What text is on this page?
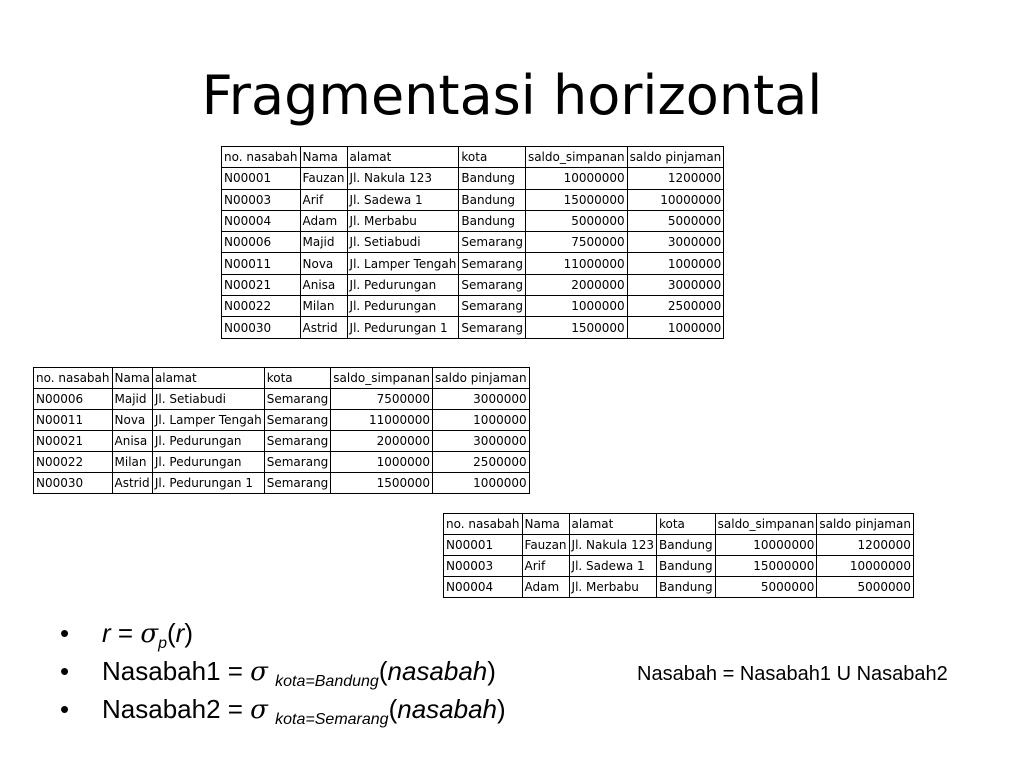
Fragmentasi horizontal
no. nasabah	Nama	alamat	kota	saldo_simpanan	saldo pinjaman
N00001	Fauzan	Jl. Nakula 123	Bandung	10000000	1200000
N00003	Arif	Jl. Sadewa 1	Bandung	15000000	10000000
N00004	Adam	Jl. Merbabu	Bandung	5000000	5000000
N00006	Majid	Jl. Setiabudi	Semarang	7500000	3000000
N00011	Nova	Jl. Lamper Tengah	Semarang	11000000	1000000
N00021	Anisa	Jl. Pedurungan	Semarang	2000000	3000000
N00022	Milan	Jl. Pedurungan	Semarang	1000000	2500000
N00030	Astrid	Jl. Pedurungan 1	Semarang	1500000	1000000
no. nasabah	Nama	alamat	kota	saldo_simpanan	saldo pinjaman
N00006	Majid	Jl. Setiabudi	Semarang	7500000	3000000
N00011	Nova	Jl. Lamper Tengah	Semarang	11000000	1000000
N00021	Anisa	Jl. Pedurungan	Semarang	2000000	3000000
N00022	Milan	Jl. Pedurungan	Semarang	1000000	2500000
N00030	Astrid	Jl. Pedurungan 1	Semarang	1500000	1000000
no. nasabah	Nama	alamat	kota	saldo_simpanan	saldo pinjaman
N00001	Fauzan	Jl. Nakula 123	Bandung	10000000	1200000
N00003	Arif	Jl. Sadewa 1	Bandung	15000000	10000000
N00004	Adam	Jl. Merbabu	Bandung	5000000	5000000
• $r = \sigma_p(r)$
• Nasabah1 = σ $_{kota=Bandung}$(nasabah)
• Nasabah2 = σ $_{kota=Semarang}$(nasabah)
Nasabah = Nasabah1 U Nasabah2
